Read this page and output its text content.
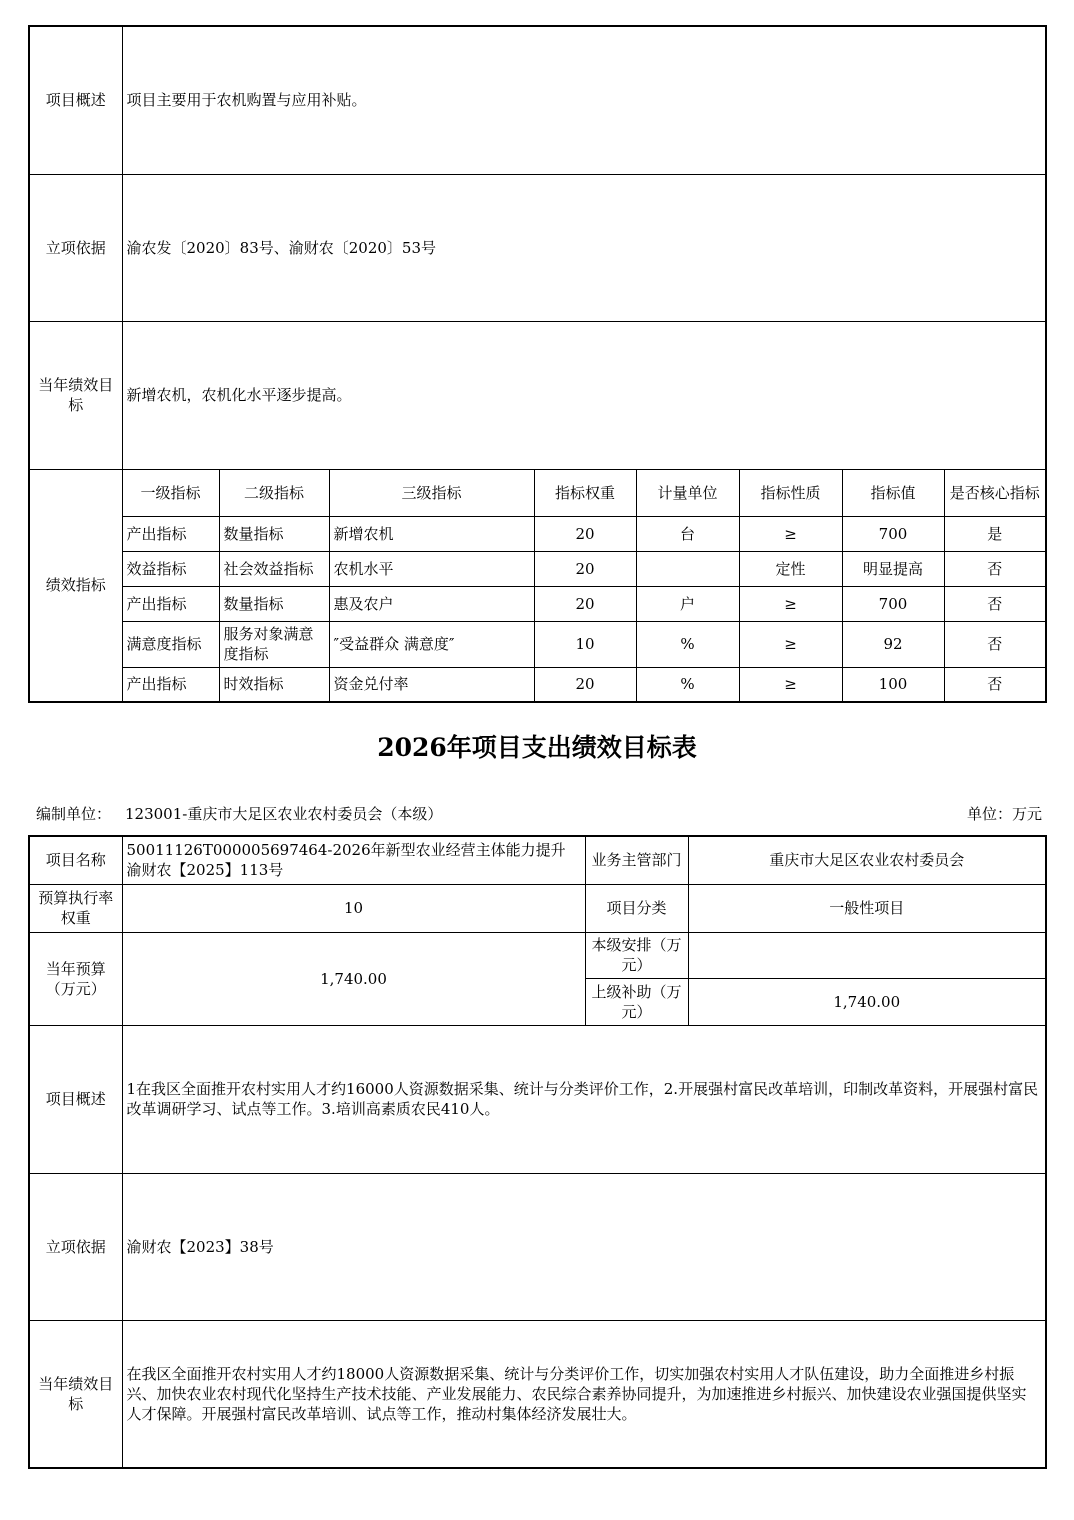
项目概述	项目主要用于农机购置与应用补贴。							
立项依据	渝农发〔2020〕83号、渝财农〔2020〕53号							
当年绩效目标	新增农机，农机化水平逐步提高。							
绩效指标	一级指标	二级指标	三级指标	指标权重	计量单位	指标性质	指标值	是否核心指标
	产出指标	数量指标	新增农机	20	台	≥	700	是
	效益指标	社会效益指标	农机水平	20		定性	明显提高	否
	产出指标	数量指标	惠及农户	20	户	≥	700	否
	满意度指标	服务对象满意度指标	″受益群众 满意度″	10	%	≥	92	否
	产出指标	时效指标	资金兑付率	20	%	≥	100	否
2026年项目支出绩效目标表
编制单位： 123001-重庆市大足区农业农村委员会（本级）	单位：万元
项目名称	50011126T000005697464-2026年新型农业经营主体能力提升渝财农【2025】113号	业务主管部门	重庆市大足区农业农村委员会
预算执行率权重	10	项目分类	一般性项目
当年预算（万元）	1,740.00	本级安排（万元）	
		上级补助（万元）	1,740.00
项目概述	1在我区全面推开农村实用人才约16000人资源数据采集、统计与分类评价工作，2.开展强村富民改革培训，印制改革资料，开展强村富民改革调研学习、试点等工作。3.培训高素质农民410人。		
立项依据	渝财农【2023】38号		
当年绩效目标	在我区全面推开农村实用人才约18000人资源数据采集、统计与分类评价工作，切实加强农村实用人才队伍建设，助力全面推进乡村振兴、加快农业农村现代化坚持生产技术技能、产业发展能力、农民综合素养协同提升，为加速推进乡村振兴、加快建设农业强国提供坚实人才保障。开展强村富民改革培训、试点等工作，推动村集体经济发展壮大。		
